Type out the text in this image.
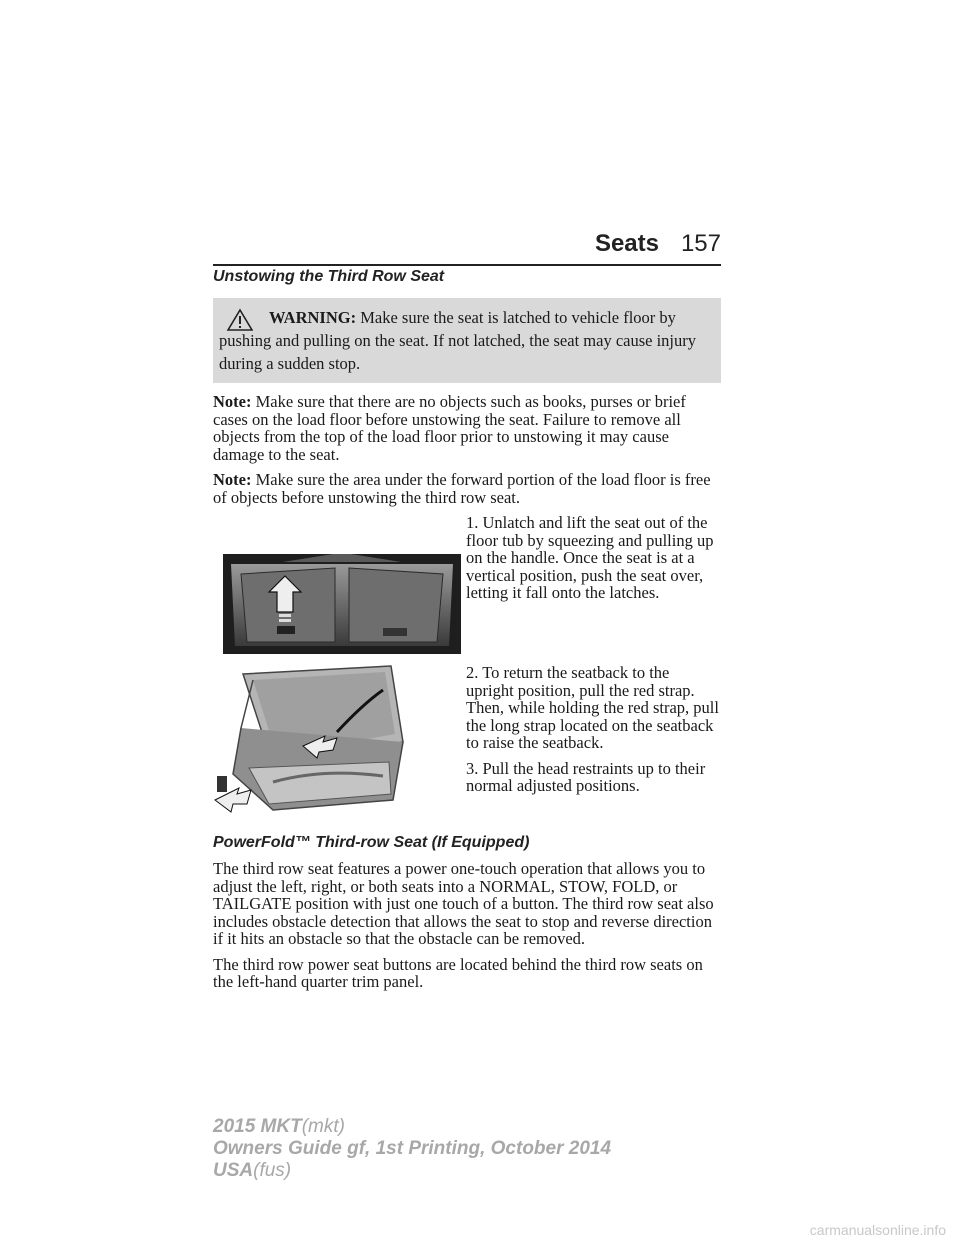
Seats 157
Unstowing the Third Row Seat
WARNING: Make sure the seat is latched to vehicle floor by pushing and pulling on the seat. If not latched, the seat may cause injury during a sudden stop.

Note: Make sure that there are no objects such as books, purses or brief cases on the load floor before unstowing the seat. Failure to remove all objects from the top of the load floor prior to unstowing it may cause damage to the seat.

Note: Make sure the area under the forward portion of the load floor is free of objects before unstowing the third row seat.

1. Unlatch and lift the seat out of the floor tub by squeezing and pulling up on the handle. Once the seat is at a vertical position, push the seat over, letting it fall onto the latches.

2. To return the seatback to the upright position, pull the red strap. Then, while holding the red strap, pull the long strap located on the seatback to raise the seatback.

3. Pull the head restraints up to their normal adjusted positions.

PowerFold™ Third-row Seat (If Equipped)

The third row seat features a power one-touch operation that allows you to adjust the left, right, or both seats into a NORMAL, STOW, FOLD, or TAILGATE position with just one touch of a button. The third row seat also includes obstacle detection that allows the seat to stop and reverse direction if it hits an obstacle so that the obstacle can be removed.

The third row power seat buttons are located behind the third row seats on the left-hand quarter trim panel.

2015 MKT(mkt)
Owners Guide gf, 1st Printing, October 2014
USA(fus)
carmanualsonline.info
